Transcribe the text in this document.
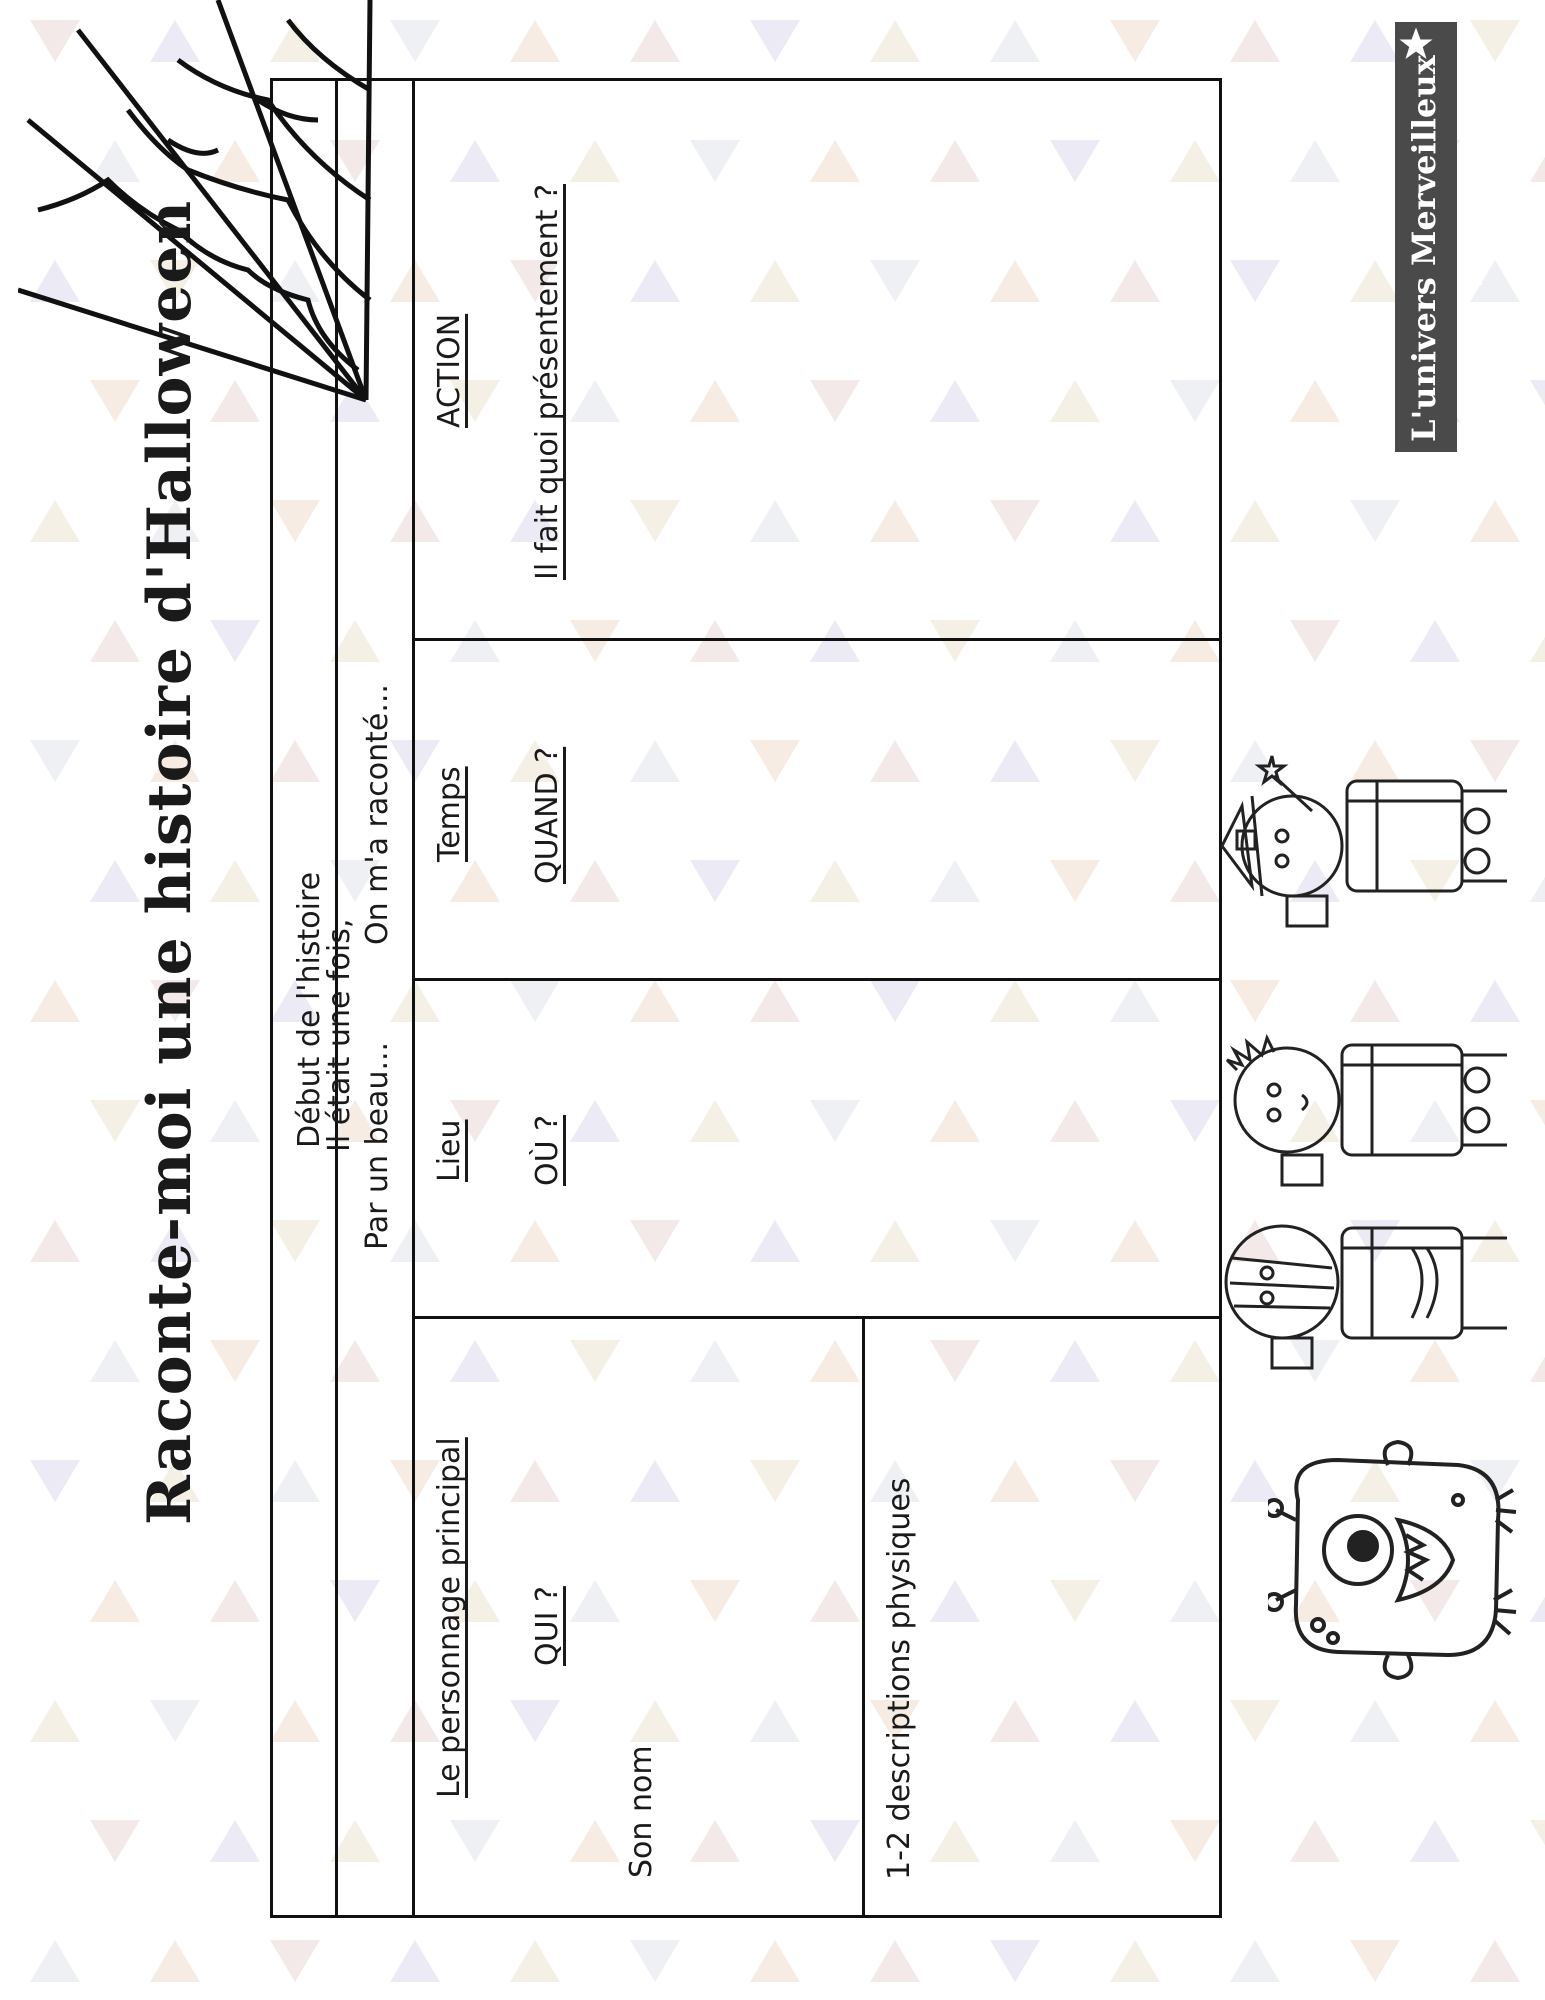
Raconte-moi une histoire d'Halloween	L'univers Merveilleux
Il était une fois,
Début de l'histoire Par un beau...
On m'a raconté...
Le personnage principal QUI ?
Son nom	1-2 descriptions physiques
Lieu OÙ ?
Temps QUAND ?
ACTION Il fait quoi présentement ?
